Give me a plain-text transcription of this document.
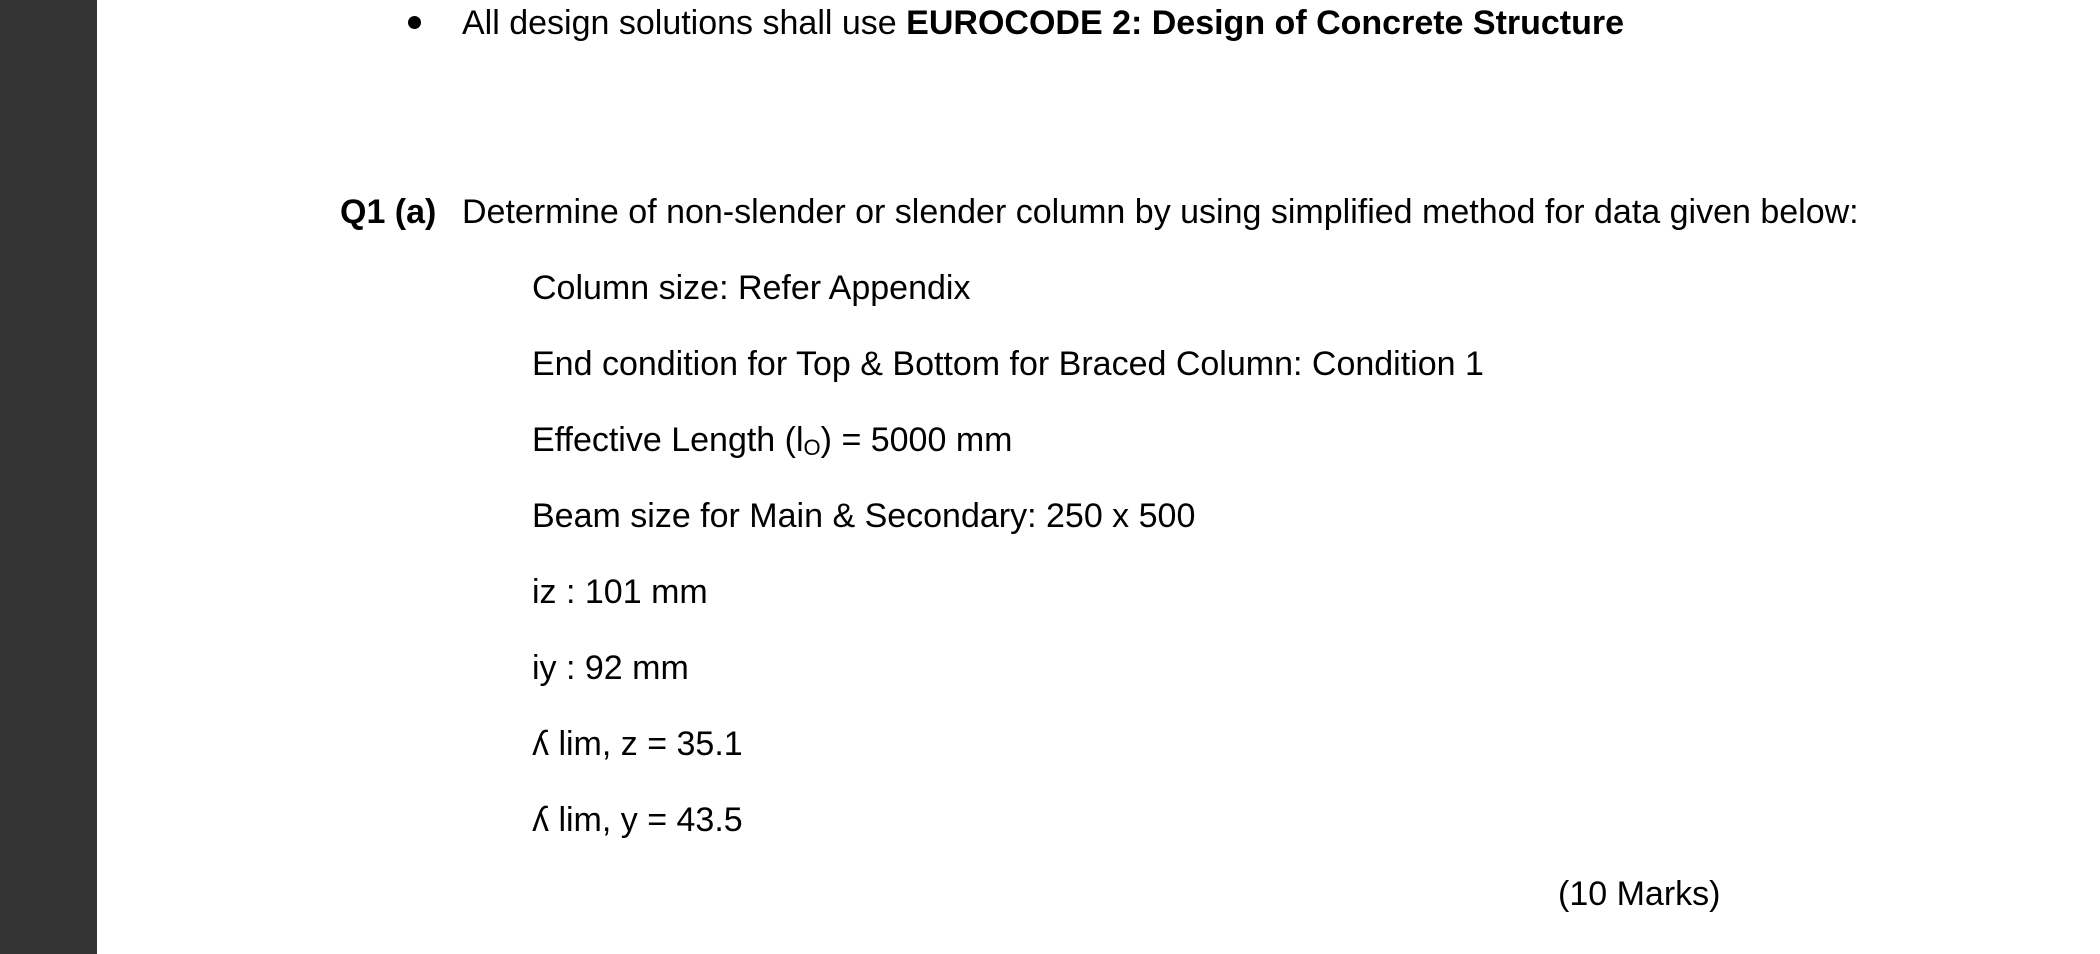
All design solutions shall use EUROCODE 2: Design of Concrete Structure
Q1 (a) Determine of non-slender or slender column by using simplified method for data given below:
Column size: Refer Appendix
End condition for Top & Bottom for Braced Column: Condition 1
Effective Length $(l_O) = 5000$ mm
Beam size for Main & Secondary: 250 x 500
iz : 101 mm
iy : 92 mm
ʎ lim, z = 35.1
ʎ lim, y = 43.5
(10 Marks)
